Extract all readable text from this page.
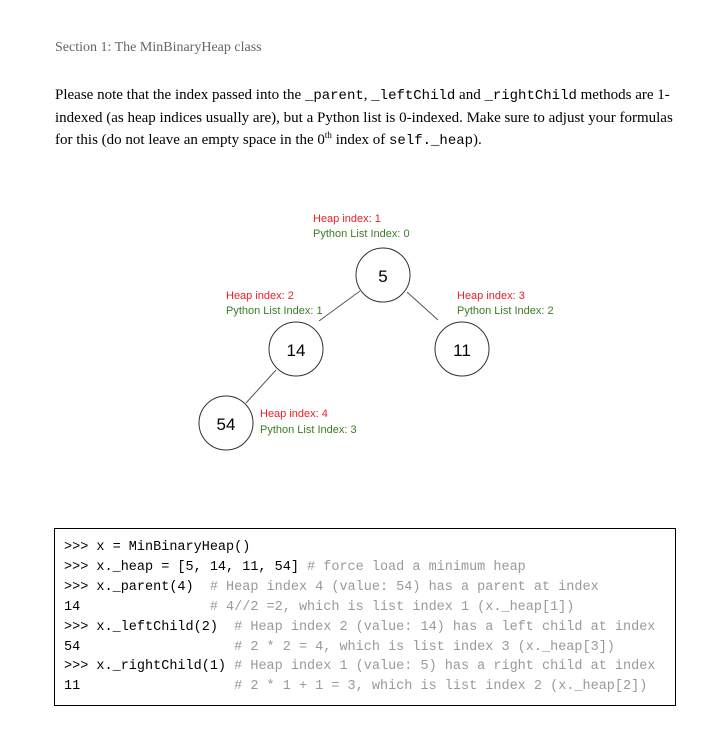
Section 1: The MinBinaryHeap class
Please note that the index passed into the _parent, _leftChild and _rightChild methods are 1-indexed (as heap indices usually are), but a Python list is 0-indexed. Make sure to adjust your formulas for this (do not leave an empty space in the 0th index of self._heap).
5
Heap index: 1
Python List Index: 0
14
Heap index: 2
Python List Index: 1
11
Heap index: 3
Python List Index: 2
54
Heap index: 4
Python List Index: 3
>>> x = MinBinaryHeap()
>>> x._heap = [5, 14, 11, 54] # force load a minimum heap
>>> x._parent(4)  # Heap index 4 (value: 54) has a parent at index
14                # 4//2 =2, which is list index 1 (x._heap[1])
>>> x._leftChild(2)  # Heap index 2 (value: 14) has a left child at index
54                   # 2 * 2 = 4, which is list index 3 (x._heap[3])
>>> x._rightChild(1) # Heap index 1 (value: 5) has a right child at index
11                   # 2 * 1 + 1 = 3, which is list index 2 (x._heap[2])
